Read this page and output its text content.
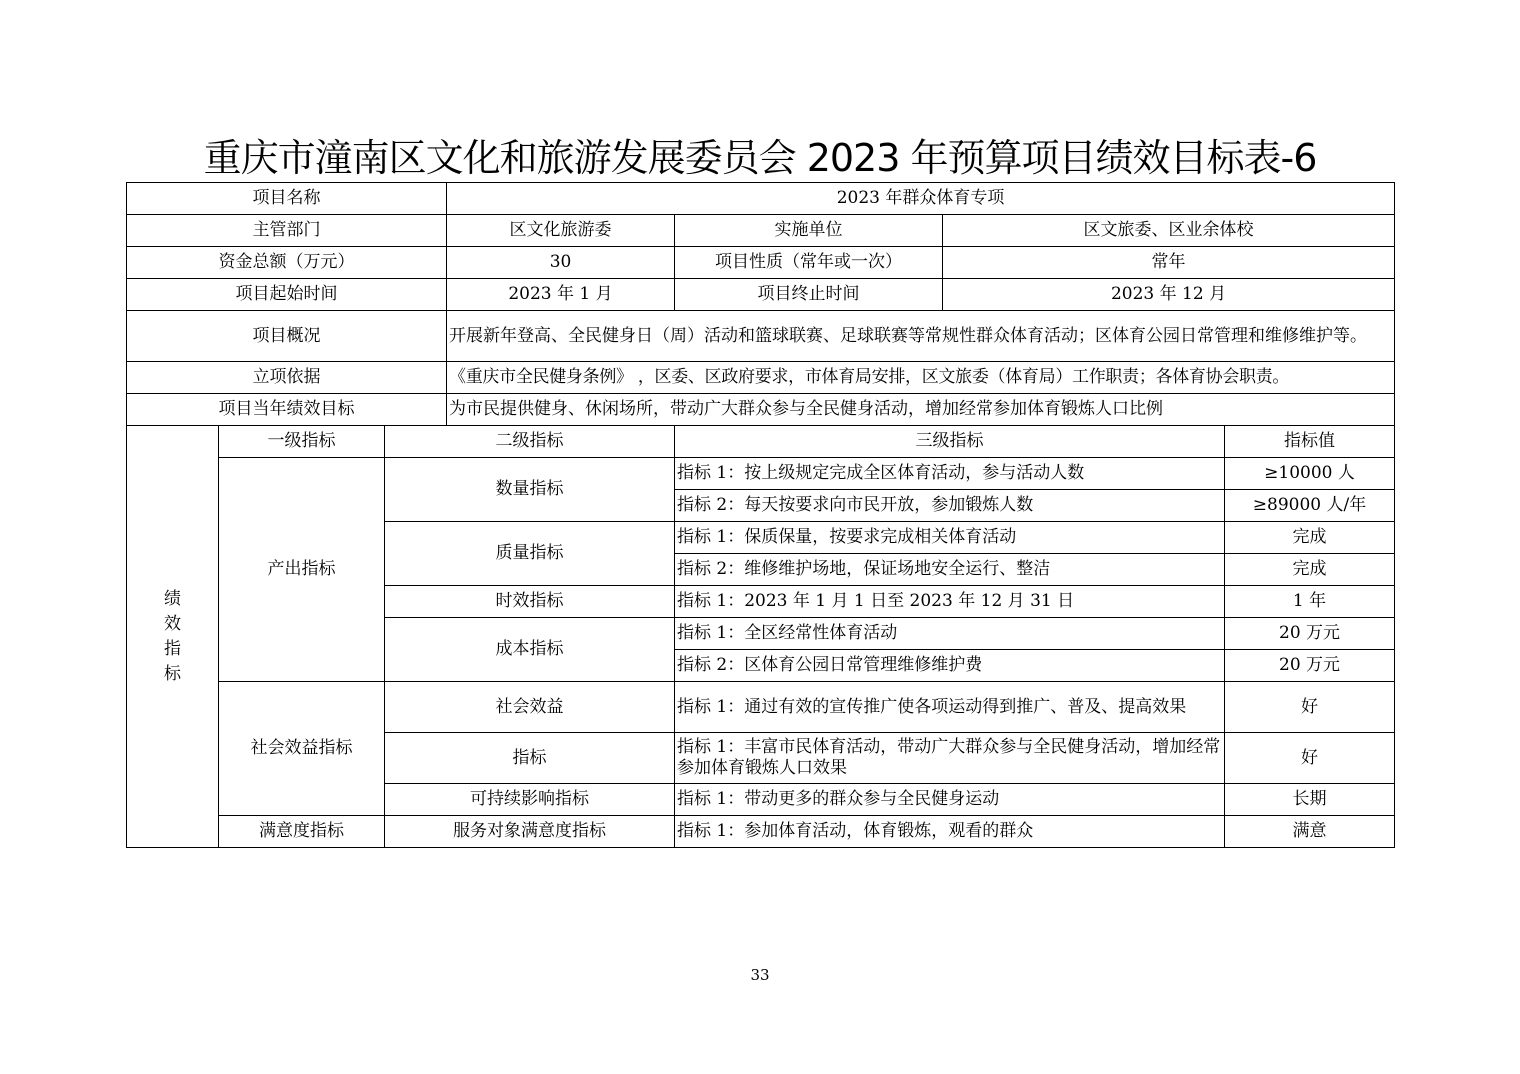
重庆市潼南区文化和旅游发展委员会 2023 年预算项目绩效目标表-6
项目名称			2023 年群众体育专项			
主管部门			区文化旅游委	实施单位	区文旅委、区业余体校	
资金总额（万元）			30	项目性质（常年或一次）	常年	
项目起始时间			2023 年 1 月	项目终止时间	2023 年 12 月	
项目概况			开展新年登高、全民健身日（周）活动和篮球联赛、足球联赛等常规性群众体育活动；区体育公园日常管理和维修维护等。			
立项依据			《重庆市全民健身条例》 ，区委、区政府要求，市体育局安排，区文旅委（体育局）工作职责；各体育协会职责。			
项目当年绩效目标			为市民提供健身、休闲场所，带动广大群众参与全民健身活动，增加经常参加体育锻炼人口比例			
绩
效
指
标	一级指标	二级指标		三级指标		指标值
	产出指标	数量指标		指标 1：按上级规定完成全区体育活动，参与活动人数		≥10000 人
				指标 2：每天按要求向市民开放，参加锻炼人数		≥89000 人/年
		质量指标		指标 1：保质保量，按要求完成相关体育活动		完成
				指标 2：维修维护场地，保证场地安全运行、整洁		完成
		时效指标		指标 1：2023 年 1 月 1 日至 2023 年 12 月 31 日		1 年
		成本指标		指标 1：全区经常性体育活动		20 万元
				指标 2：区体育公园日常管理维修维护费		20 万元
	社会效益指标	社会效益		指标 1：通过有效的宣传推广使各项运动得到推广、普及、提高效果		好
		指标		指标 1：丰富市民体育活动，带动广大群众参与全民健身活动，增加经常参加体育锻炼人口效果		好
		可持续影响指标		指标 1：带动更多的群众参与全民健身运动		长期
	满意度指标	服务对象满意度指标		指标 1：参加体育活动，体育锻炼，观看的群众		满意
33
